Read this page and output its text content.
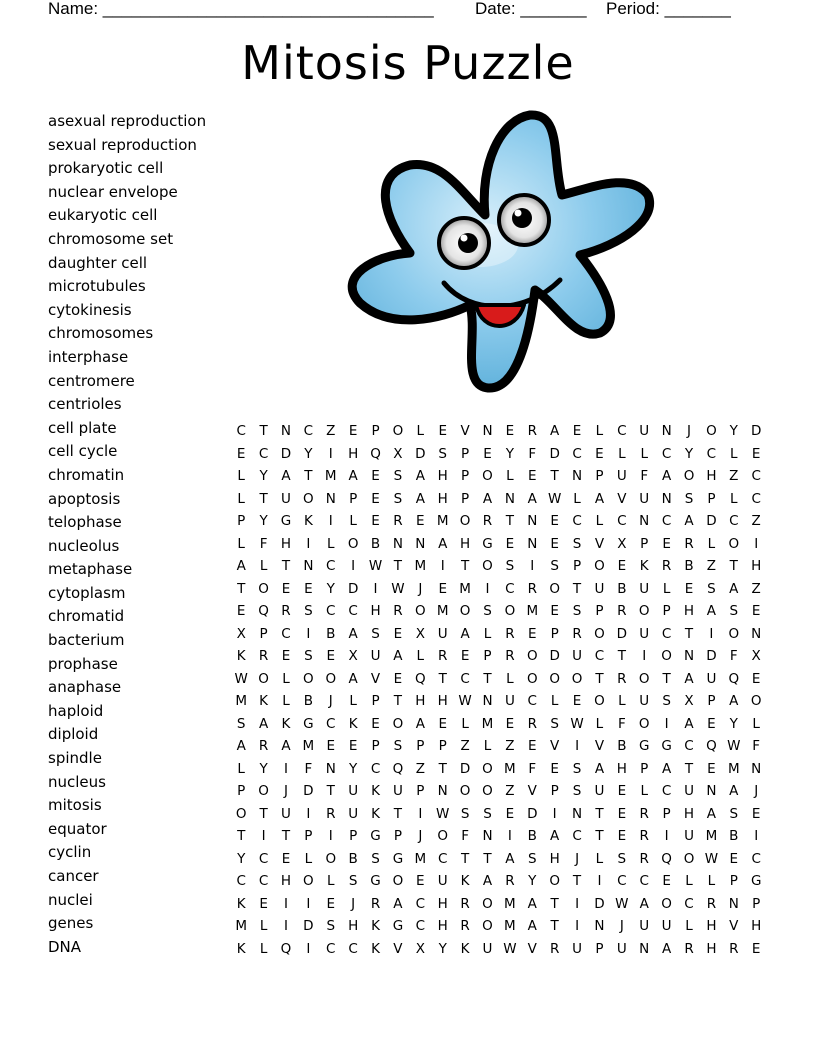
Name: ___________________________________ Date: _______ Period: _______
Mitosis Puzzle
asexual reproduction
sexual reproduction
prokaryotic cell
nuclear envelope
eukaryotic cell
chromosome set
daughter cell
microtubules
cytokinesis
chromosomes
interphase
centromere
centrioles
cell plate
cell cycle
chromatin
apoptosis
telophase
nucleolus
metaphase
cytoplasm
chromatid
bacterium
prophase
anaphase
haploid
diploid
spindle
nucleus
mitosis
equator
cyclin
cancer
nuclei
genes
DNA
C	T N C Z	E	P O L	E	V N E R A	E	L	C U N	J	O Y D
E C D Y	I	H Q X D S	P	E	Y	F D C E	L	L	C	Y	C	L	E
L	Y	A	T M A	E	S A H P O L	E	T N P U	F	A O H Z C
L	T U O N P	E	S A H P	A N A W L	A V U N S	P	L	C
P	Y G K	I	L	E R E M O R	T N E C	L	C N C A D C Z
L	F H	I	L O B N N A H G E N E	S V X	P	E R	L O	I
A	L	T N C	I	W T M	I	T O S	I	S	P O E	K R B Z	T H
T O E	E	Y D	I	W	J	E M	I	C R O T U B U	L	E	S A Z
E Q R S C C H R O M O S O M E	S	P	R O P H A S	E
X	P	C	I	B A S	E	X U A	L	R E	P	R O D U C	T	I	O N
K R E	S	E	X U A	L	R E	P	R O D U C	T	I	O N D F	X
W O L O O A V	E Q T	C	T	L O O O T	R O T	A U Q E
M K	L	B	J	L	P	T H H W N U C	L	E O L	U S X	P	A O
S A K G C K	E O A	E	L M E R S W L	F O	I	A	E	Y	L
A R A M E	E	P	S	P	P	Z	L	Z	E	V	I	V B G G C Q W F
L	Y	I	F N Y	C Q Z	T D O M F	E	S A H P	A	T	E M N
P O	J	D T U K U P N O O Z V	P	S U E	L	C U N A	J
O T U	I	R U K	T	I	W S	S	E D	I	N T	E R	P H A S	E
T	I	T	P	I	P G P	J	O F N	I	B A C	T	E R	I	U M B	I
Y	C E	L O B S G M C	T	T	A S H	J	L	S R Q O W E C
C C H O L	S G O E U K A R	Y O T	I	C C E	L	L	P G
K	E	I	I	E	J	R A C H R O M A	T	I	D W A O C R N P
M L	I	D S H K G C H R O M A	T	I	N	J	U U	L	H V H
K	L Q	I	C C K V X	Y	K U W V R U P U N A R H R E
